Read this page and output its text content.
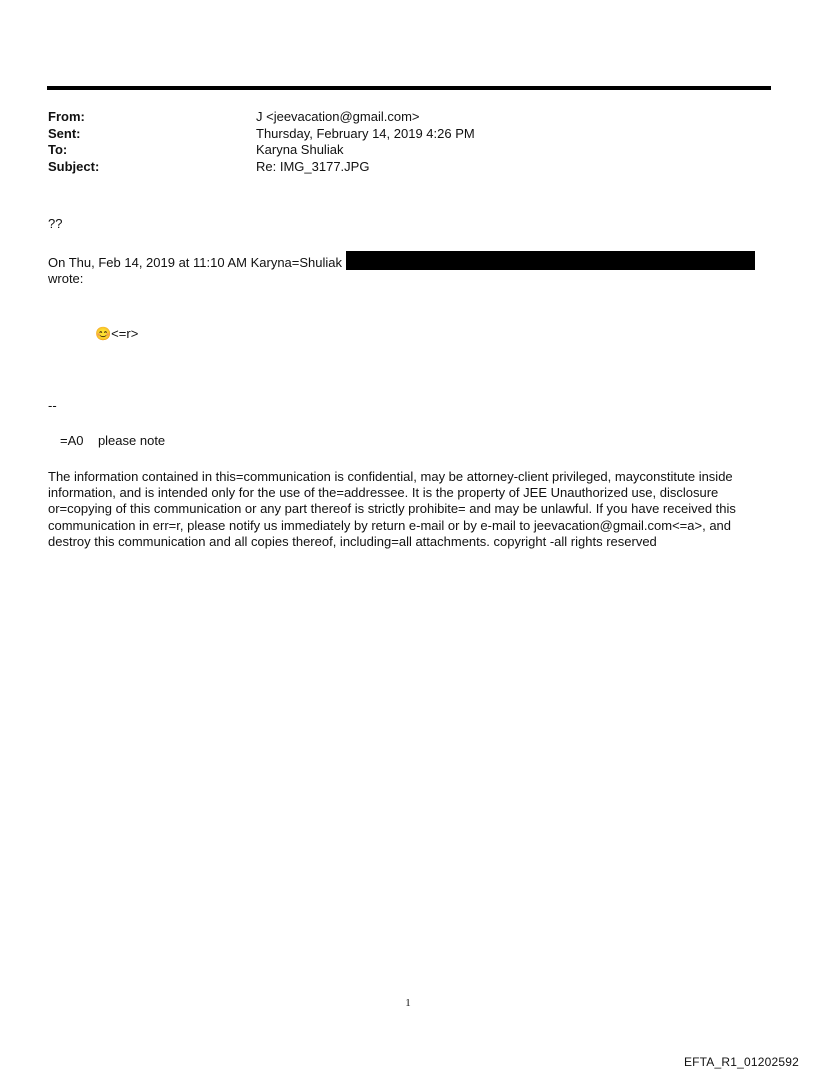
From:	J <jeevacation@gmail.com>
Sent:	Thursday, February 14, 2019 4:26 PM
To:	Karyna Shuliak
Subject:	Re: IMG_3177.JPG
??
On Thu, Feb 14, 2019 at 11:10 AM Karyna=Shuliak
wrote:
😊<=r>
--
=A0    please note
The information contained in this=communication is confidential, may be attorney-client privileged, mayconstitute inside information, and is intended only for the use of the=addressee. It is the property of JEE Unauthorized use, disclosure or=copying of this communication or any part thereof is strictly prohibite= and may be unlawful. If you have received this communication in err=r, please notify us immediately by return e-mail or by e-mail to jeevacation@gmail.com<=a>, and destroy this communication and all copies thereof, including=all attachments. copyright -all rights reserved
1
EFTA_R1_01202592
